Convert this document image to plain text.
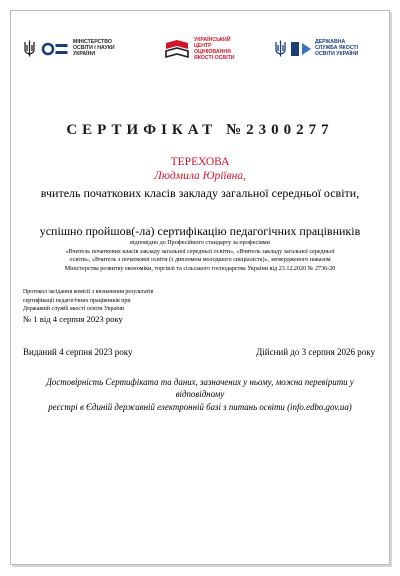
МІНІСТЕРСТВО ОСВІТИ І НАУКИ УКРАЇНИ
УКРАЇНСЬКИЙ ЦЕНТР ОЦІНЮВАННЯ ЯКОСТІ ОСВІТИ
ДЕРЖАВНА СЛУЖБА ЯКОСТІ ОСВІТИ УКРАЇНИ
СЕРТИФІКАТ №2300277
ТЕРЕХОВА
Людмила Юріївна,
вчитель початкових класів закладу загальної середньої освіти,
успішно пройшов(-ла) сертифікацію педагогічних працівників
відповідно до Професійного стандарту за професіями
«Вчитель початкових класів закладу загальної середньої освіти», «Вчитель закладу загальної середньої
освіти», «Вчитель з початкової освіти (з дипломом молодшого спеціаліста)», затвердженого наказом
Міністерства розвитку економіки, торгівлі та сільського господарства України від 23.12.2020 № 2736-20
Протокол засідання комісії з визначення результатів
сертифікації педагогічних працівників при
Державній службі якості освіти України
№ 1 від 4 серпня 2023 року
Виданий 4 серпня 2023 року	Дійсний до 3 серпня 2026 року
Достовірність Сертифіката та даних, зазначених у ньому, можна перевірити у відповідному
реєстрі в Єдиній державній електронній базі з питань освіти (info.edbo.gov.ua)
